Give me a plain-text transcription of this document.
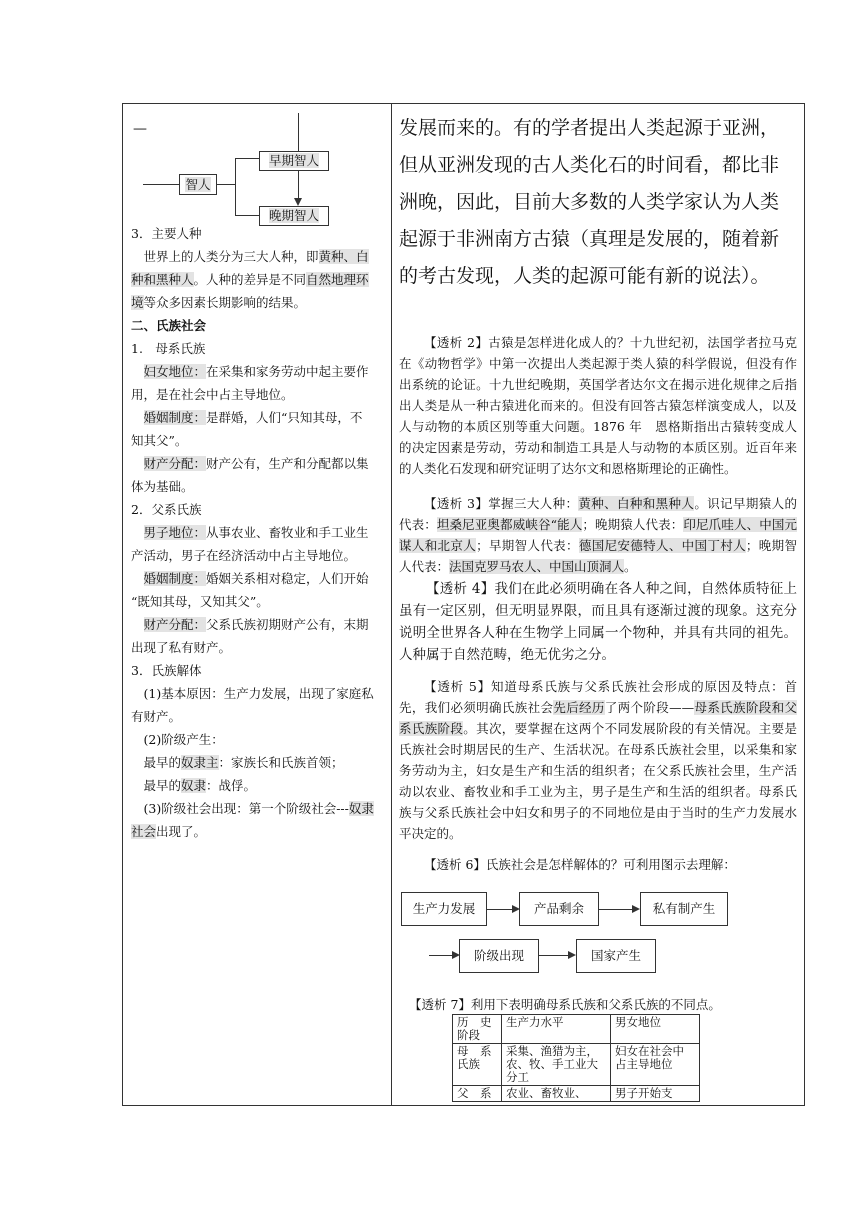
—
早期智人
晚期智人
智人
3．主要人种
世界上的人类分为三大人种，即黄种、白
种和黑种人。人种的差异是不同自然地理环
境等众多因素长期影响的结果。
二、氏族社会
1.　母系氏族
妇女地位：在采集和家务劳动中起主要作
用，是在社会中占主导地位。
婚姻制度：是群婚，人们“只知其母，不
知其父”。
财产分配：财产公有，生产和分配都以集
体为基础。
2．父系氏族
男子地位：从事农业、畜牧业和手工业生
产活动，男子在经济活动中占主导地位。
婚姻制度：婚姻关系相对稳定，人们开始
“既知其母，又知其父”。
财产分配：父系氏族初期财产公有，末期
出现了私有财产。
3．氏族解体
(1)基本原因：生产力发展，出现了家庭私
有财产。
(2)阶级产生：
最早的奴隶主：家族长和氏族首领；
最早的奴隶：战俘。
(3)阶级社会出现：第一个阶级社会---奴隶
社会出现了。
发展而来的。有的学者提出人类起源于亚洲，
但从亚洲发现的古人类化石的时间看，都比非
洲晚，因此，目前大多数的人类学家认为人类
起源于非洲南方古猿（真理是发展的，随着新
的考古发现，人类的起源可能有新的说法）。
【透析 2】古猿是怎样进化成人的？十九世纪初，法国学者拉马克在《动物哲学》中第一次提出人类起源于类人猿的科学假说，但没有作出系统的论证。十九世纪晚期，英国学者达尔文在揭示进化规律之后指出人类是从一种古猿进化而来的。但没有回答古猿怎样演变成人，以及人与动物的本质区别等重大问题。1876 年　恩格斯指出古猿转变成人的决定因素是劳动，劳动和制造工具是人与动物的本质区别。近百年来的人类化石发现和研究证明了达尔文和恩格斯理论的正确性。
【透析 3】掌握三大人种：黄种、白种和黑种人。识记早期猿人的代表：坦桑尼亚奥都威峡谷“能人；晚期猿人代表：印尼爪哇人、中国元谋人和北京人；早期智人代表：德国尼安德特人、中国丁村人；晚期智人代表：法国克罗马农人、中国山顶洞人。
【透析 4】我们在此必须明确在各人种之间，自然体质特征上虽有一定区别，但无明显界限，而且具有逐渐过渡的现象。这充分说明全世界各人种在生物学上同属一个物种，并具有共同的祖先。人种属于自然范畴，绝无优劣之分。
【透析 5】知道母系氏族与父系氏族社会形成的原因及特点：首先，我们必须明确氏族社会先后经历了两个阶段——母系氏族阶段和父系氏族阶段。其次，要掌握在这两个不同发展阶段的有关情况。主要是氏族社会时期居民的生产、生活状况。在母系氏族社会里，以采集和家务劳动为主，妇女是生产和生活的组织者；在父系氏族社会里，生产活动以农业、畜牧业和手工业为主，男子是生产和生活的组织者。母系氏族与父系氏族社会中妇女和男子的不同地位是由于当时的生产力发展水平决定的。
【透析 6】氏族社会是怎样解体的？可利用图示去理解：
生产力发展	产品剩余	私有制产生
阶级出现	国家产生
【透析 7】利用下表明确母系氏族和父系氏族的不同点。
历　史阶段	生产力水平	男女地位
母　系氏族	采集、渔猎为主，农、牧、手工业大分工	妇女在社会中占主导地位
父　系	农业、畜牧业、	男子开始支
